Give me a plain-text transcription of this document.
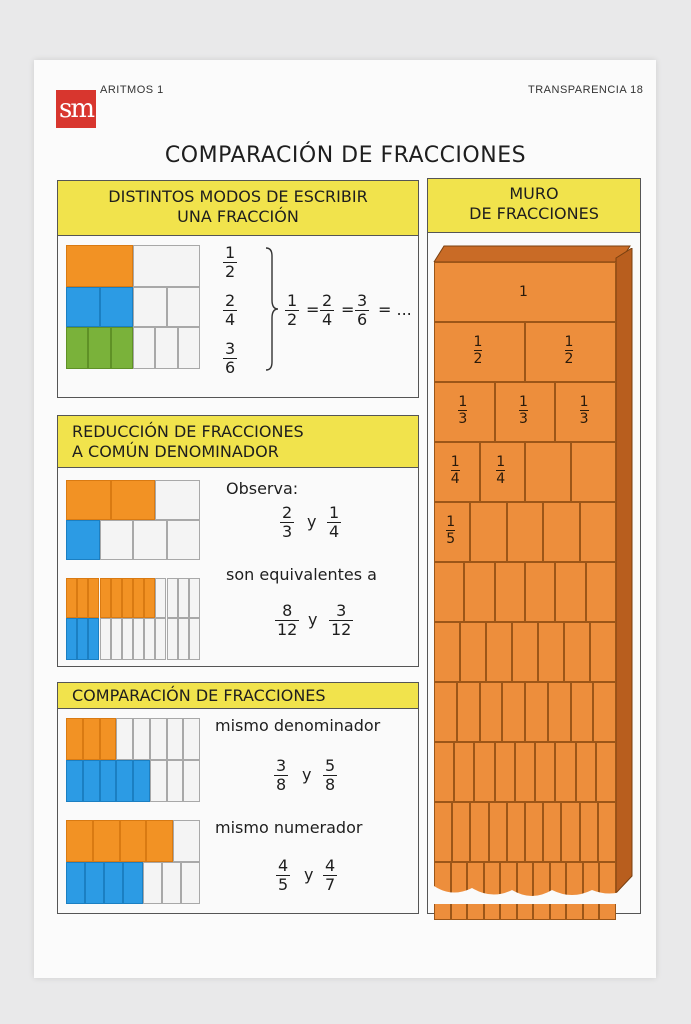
sm
ARITMOS 1	TRANSPARENCIA 18
COMPARACIÓN DE FRACCIONES
DISTINTOS MODOS DE ESCRIBIR
UNA FRACCIÓN
$\frac{1}{2}$
$\frac{2}{4}$
$\frac{3}{6}$
$\frac{1}{2} = \frac{2}{4} = \frac{3}{6}$ = ...
REDUCCIÓN DE FRACCIONES
A COMÚN DENOMINADOR
Observa:
$\frac{2}{3}$ y $\frac{1}{4}$
son equivalentes a
$\frac{8}{12}$ y $\frac{3}{12}$
COMPARACIÓN DE FRACCIONES
mismo denominador
$\frac{3}{8}$ y $\frac{5}{8}$
mismo numerador
$\frac{4}{5}$ y $\frac{4}{7}$
MURO
DE FRACCIONES
1
$\frac{1}{2}$	$\frac{1}{2}$
$\frac{1}{3}$	$\frac{1}{3}$	$\frac{1}{3}$
$\frac{1}{4}$	$\frac{1}{4}$
$\frac{1}{5}$
